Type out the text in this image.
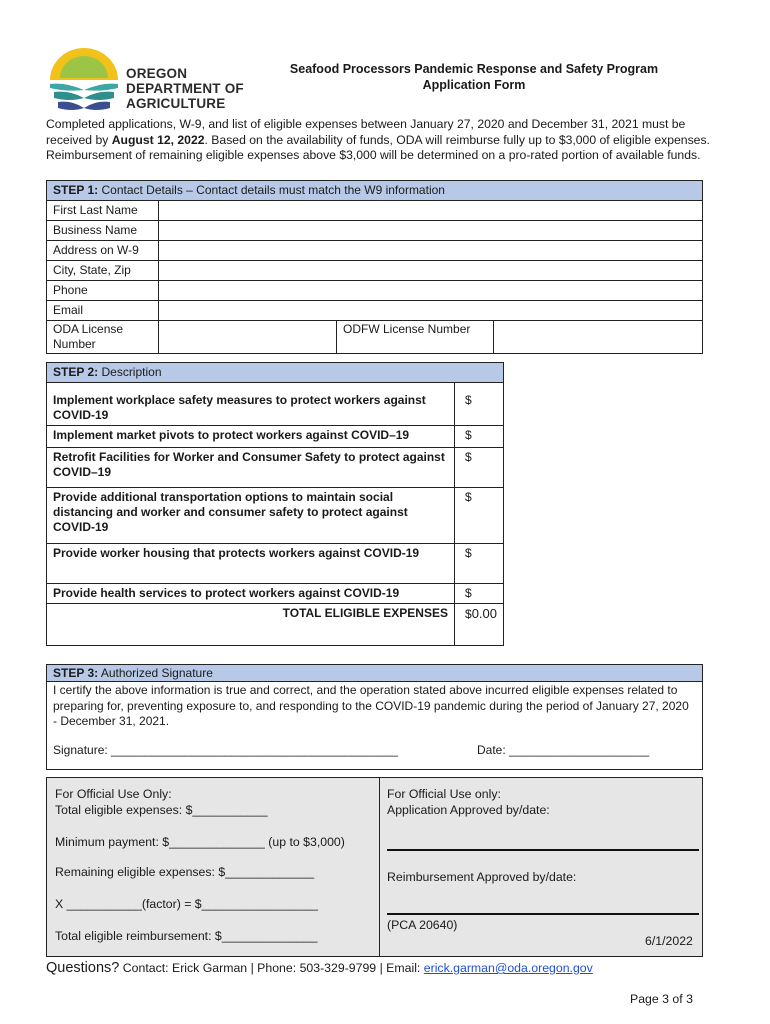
OREGON
DEPARTMENT OF
AGRICULTURE
Seafood Processors Pandemic Response and Safety Program
Application Form
Completed applications, W-9, and list of eligible expenses between January 27, 2020 and December 31, 2021 must be received by August 12, 2022. Based on the availability of funds, ODA will reimburse fully up to $3,000 of eligible expenses. Reimbursement of remaining eligible expenses above $3,000 will be determined on a pro-rated portion of available funds.
STEP 1: Contact Details – Contact details must match the W9 information			
First Last Name			
Business Name			
Address on W-9			
City, State, Zip			
Phone			
Email			
ODA License Number		ODFW License Number	
STEP 2: Description	
Implement workplace safety measures to protect workers against COVID-19	$
Implement market pivots to protect workers against COVID–19	$
Retrofit Facilities for Worker and Consumer Safety to protect against COVID–19	$
Provide additional transportation options to maintain social distancing and worker and consumer safety to protect against COVID-19	$
Provide worker housing that protects workers against COVID-19	$
Provide health services to protect workers against COVID-19	$
TOTAL ELIGIBLE EXPENSES	$0.00
STEP 3: Authorized Signature

I certify the above information is true and correct, and the operation stated above incurred eligible expenses related to preparing for, preventing exposure to, and responding to the COVID-19 pandemic during the period of January 27, 2020 - December 31, 2021.
Signature: ___________________________________________	Date: _____________________
For Official Use Only:
Total eligible expenses: $___________
Minimum payment: $______________ (up to $3,000)
Remaining eligible expenses: $_____________
X ___________(factor) = $_________________
Total eligible reimbursement: $______________
For Official Use only:
Application Approved by/date:
Reimbursement Approved by/date:
(PCA 20640)
6/1/2022
Questions? Contact: Erick Garman | Phone: 503-329-9799 | Email: erick.garman@oda.oregon.gov
Page 3 of 3
